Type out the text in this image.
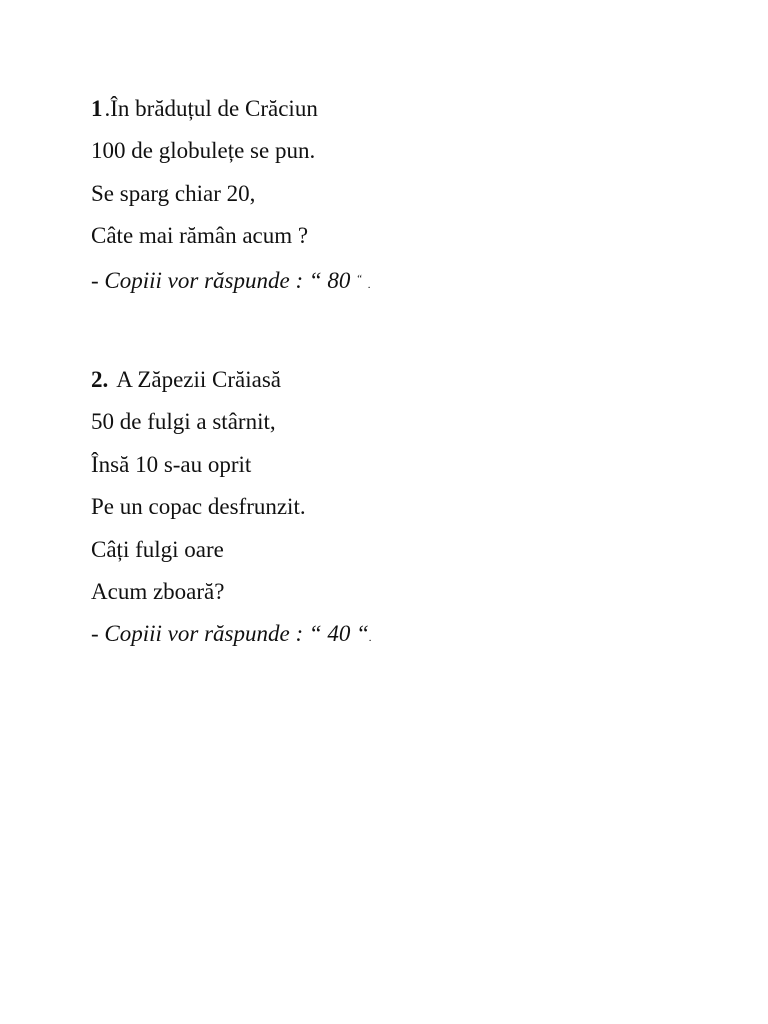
1.În brăduțul de Crăciun
100 de globulețe se pun.
Se sparg chiar 20,
Câte mai rămân acum ?
- Copiii vor răspunde : “ 80 “ .
2. A Zăpezii Crăiasă
50 de fulgi a stârnit,
Însă 10 s-au oprit
Pe un copac desfrunzit.
Câți fulgi oare
Acum zboară?
- Copiii vor răspunde : “ 40 “.
